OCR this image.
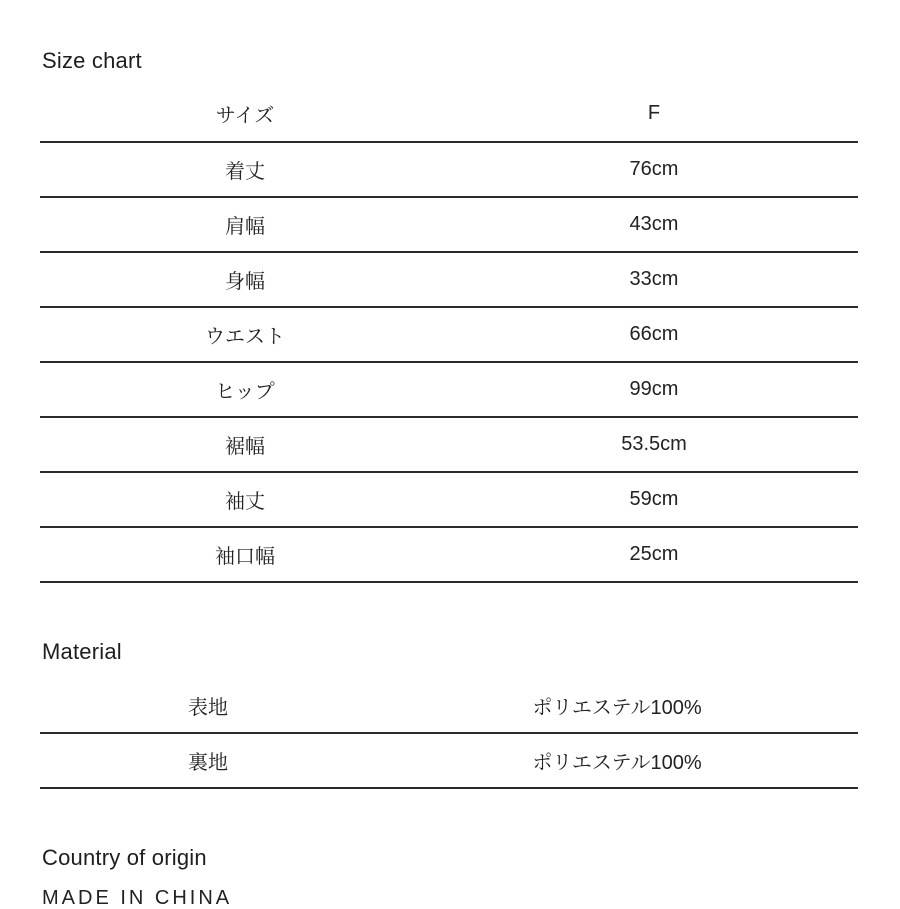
Size chart
サイズ	F
着丈	76cm
肩幅	43cm
身幅	33cm
ウエスト	66cm
ヒップ	99cm
裾幅	53.5cm
袖丈	59cm
袖口幅	25cm
Material
表地	ポリエステル100%
裏地	ポリエステル100%
Country of origin

MADE IN CHINA
